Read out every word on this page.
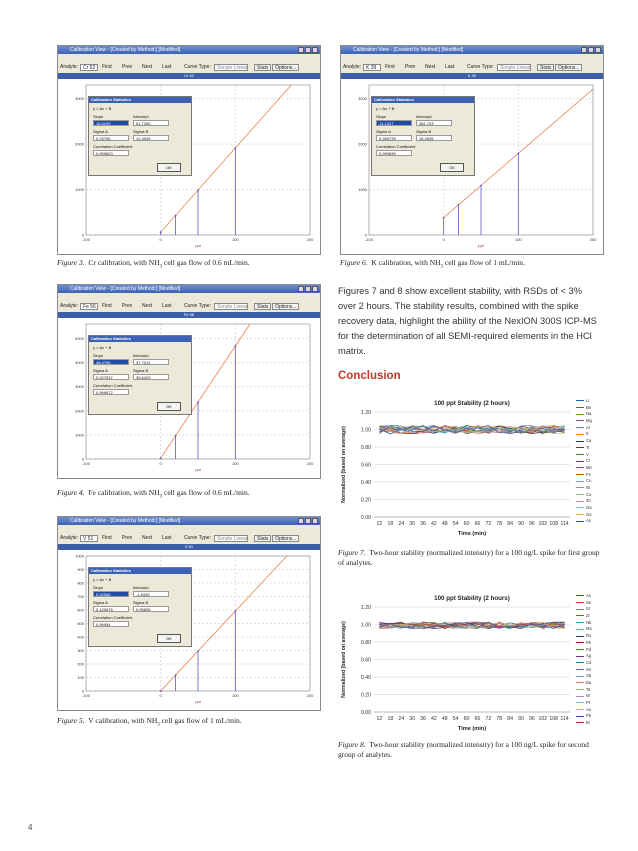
Calibration View - [Created by Method:] [Modified]
Analyte: Cr 52	First Prev Next Last	Curve Type:	Simple Linear	Stats	Options...
Cr 52
-100	0	100	200
3000
2000
1000
0
ppt
Calibration Statistics
y = Ax + B
Slope	Intercept
18.5199	61.7260
Sigma A	Sigma B
0.23755	12.3545
Correlation Coefficient
0.999820
OK
Calibration View - [Created by Method:] [Modified]
Analyte: Fe 56	First Prev Next Last	Curve Type:	Simple Linear	Stats	Options...
Fe 56
-100	0	100	200
5000
4000
3000
2000
1000
0
ppt
Calibration Statistics
y = Ax + B
Slope	Intercept
46.4756	37.7212
Sigma A	Sigma B
0.027937	35.6429
Correlation Coefficient
0.999672
OK
Calibration View - [Created by Method:] [Modified]
Analyte: V 51	First Prev Next Last	Curve Type:	Simple Linear	Stats	Options...
V 51
-100	0	100	200
1000
900
800
700
600
500
400
300
200
100
0
ppt
Calibration Statistics
y = Ax + B
Slope	Intercept
5.92588	-1.5435
Sigma A	Sigma B
0.120676	0.95806
Correlation Coefficient
0.99954
OK
Calibration View - [Created by Method:] [Modified]
Analyte: K 39	First Prev Next Last	Curve Type:	Simple Linear	Stats	Options...
K 39
-100	0	100	200
3000
2000
1000
0
ppt
Calibration Statistics
y = Ax + B
Slope	Intercept
14.1327	381.703
Sigma A	Sigma B
0.269739	15.2635
Correlation Coefficient
0.999839
OK
Figure 3. Cr calibration, with $NH_3$ cell gas flow of 0.6 mL/min.
Figure 4. Fe calibration, with $NH_3$ cell gas flow of 0.6 mL/min.
Figure 5. V calibration, with $NH_3$ cell gas flow of 1 mL/min.
Figure 6. K calibration, with $NH_3$ cell gas flow of 1 mL/min.
Figures 7 and 8 show excellent stability, with RSDs of < 3% over 2 hours. The stability results, combined with the spike recovery data, highlight the ability of the NexION 300S ICP-MS for the determination of all SEMI-required elements in the HCl matrix.
Conclusion
100 ppt Stability (2 hours)
0.00
0.20
0.40
0.60
0.80
1.00
1.20
12 18 24 30 36 42 48 54 60 66 72 78 84 90 96 102 108 114
Time (min)
Normalized (based on average)
Li
Be
Na
Mg
Al
K
Ca
Ti
V
Cr
Mn
Fe
Co
Ni
Cu
Zn
Ga
Ge
As
Figure 7. Two-hour stability (normalized intensity) for a 100 ng/L spike for first group of analytes.
100 ppt Stability (2 hours)
0.00
0.20
0.40
0.60
0.80
1.00
1.20
12 18 24 30 36 42 48 54 60 66 72 78 84 90 96 102 108 114
Time (min)
Normalized (based on average)
As
Se
Sr
Zr
Nb
Mo
Ru
Rh
Pd
Ag
Cd
Sn
Sb
Ba
Ta
W
Pt
Au
Pb
Bi
Figure 8. Two-hour stability (normalized intensity) for a 100 ng/L spike for second group of analytes.
4
